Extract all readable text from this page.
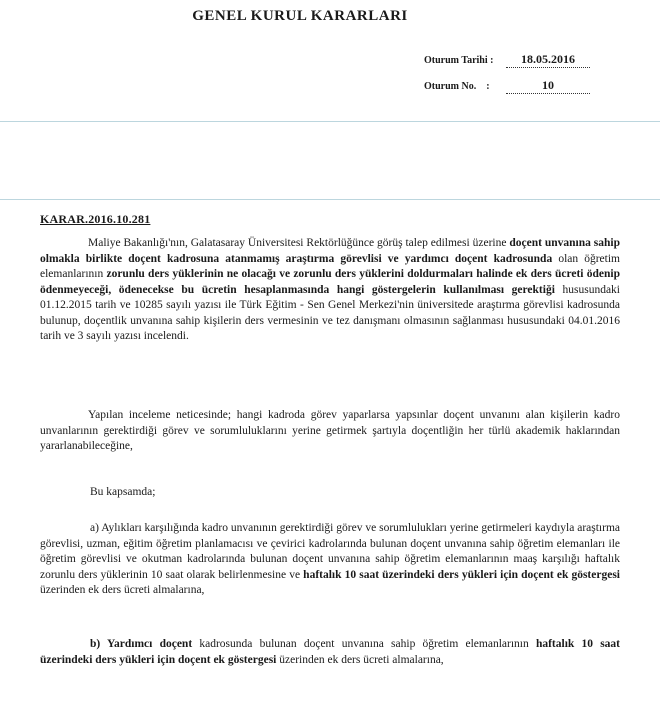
GENEL KURUL KARARLARI
Oturum Tarihi : 18.05.2016
Oturum No. :	10
KARAR.2016.10.281
Maliye Bakanlığı'nın, Galatasaray Üniversitesi Rektörlüğünce görüş talep edilmesi üzerine doçent unvanına sahip olmakla birlikte doçent kadrosuna atanmamış araştırma görevlisi ve yardımcı doçent kadrosunda olan öğretim elemanlarının zorunlu ders yüklerinin ne olacağı ve zorunlu ders yüklerini doldurmaları halinde ek ders ücreti ödenip ödenmeyeceği, ödenecekse bu ücretin hesaplanmasında hangi göstergelerin kullanılması gerektiği hususundaki 01.12.2015 tarih ve 10285 sayılı yazısı ile Türk Eğitim - Sen Genel Merkezi'nin üniversitede araştırma görevlisi kadrosunda bulunup, doçentlik unvanına sahip kişilerin ders vermesinin ve tez danışmanı olmasının sağlanması hususundaki 04.01.2016 tarih ve 3 sayılı yazısı incelendi.
Yapılan inceleme neticesinde; hangi kadroda görev yaparlarsa yapsınlar doçent unvanını alan kişilerin kadro unvanlarının gerektirdiği görev ve sorumluluklarını yerine getirmek şartıyla doçentliğin her türlü akademik haklarından yararlanabileceğine,
Bu kapsamda;
a) Aylıkları karşılığında kadro unvanının gerektirdiği görev ve sorumlulukları yerine getirmeleri kaydıyla araştırma görevlisi, uzman, eğitim öğretim planlamacısı ve çevirici kadrolarında bulunan doçent unvanına sahip öğretim elemanları ile öğretim görevlisi ve okutman kadrolarında bulunan doçent unvanına sahip öğretim elemanlarının maaş karşılığı haftalık zorunlu ders yüklerinin 10 saat olarak belirlenmesine ve haftalık 10 saat üzerindeki ders yükleri için doçent ek göstergesi üzerinden ek ders ücreti almalarına,
b) Yardımcı doçent kadrosunda bulunan doçent unvanına sahip öğretim elemanlarının haftalık 10 saat üzerindeki ders yükleri için doçent ek göstergesi üzerinden ek ders ücreti almalarına,
